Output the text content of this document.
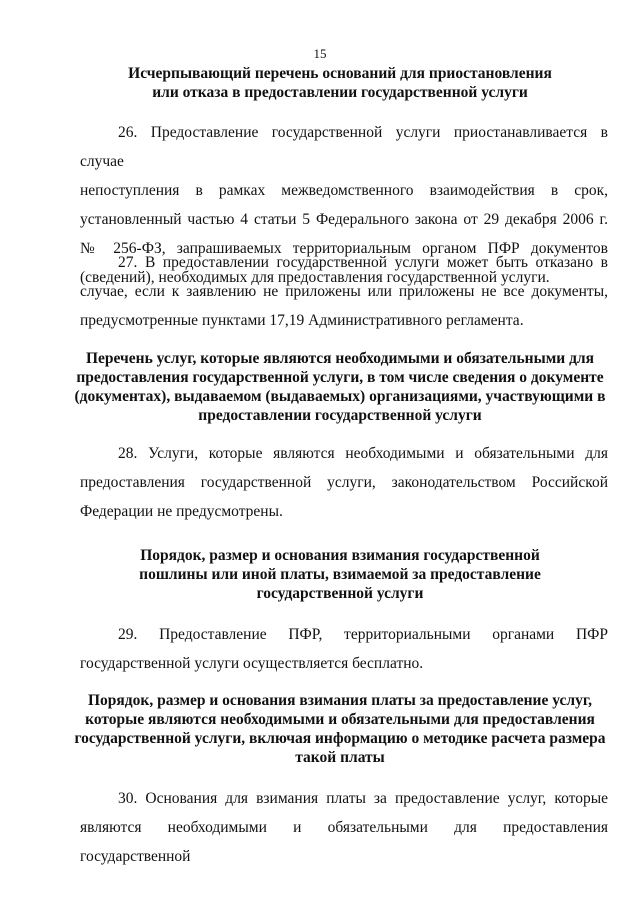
15
Исчерпывающий перечень оснований для приостановления
или отказа в предоставлении государственной услуги
26. Предоставление государственной услуги приостанавливается в случае
непоступления в рамках межведомственного взаимодействия в срок,
установленный частью 4 статьи 5 Федерального закона от 29 декабря 2006 г.
№ 256-ФЗ, запрашиваемых территориальным органом ПФР документов
(сведений), необходимых для предоставления государственной услуги.
27. В предоставлении государственной услуги может быть отказано в
случае, если к заявлению не приложены или приложены не все документы,
предусмотренные пунктами 17,19 Административного регламента.
Перечень услуг, которые являются необходимыми и обязательными для
предоставления государственной услуги, в том числе сведения о документе
(документах), выдаваемом (выдаваемых) организациями, участвующими в
предоставлении государственной услуги
28. Услуги, которые являются необходимыми и обязательными для
предоставления государственной услуги, законодательством Российской
Федерации не предусмотрены.
Порядок, размер и основания взимания государственной
пошлины или иной платы, взимаемой за предоставление
государственной услуги
29. Предоставление ПФР, территориальными органами ПФР
государственной услуги осуществляется бесплатно.
Порядок, размер и основания взимания платы за предоставление услуг,
которые являются необходимыми и обязательными для предоставления
государственной услуги, включая информацию о методике расчета размера
такой платы
30. Основания для взимания платы за предоставление услуг, которые
являются необходимыми и обязательными для предоставления государственной
